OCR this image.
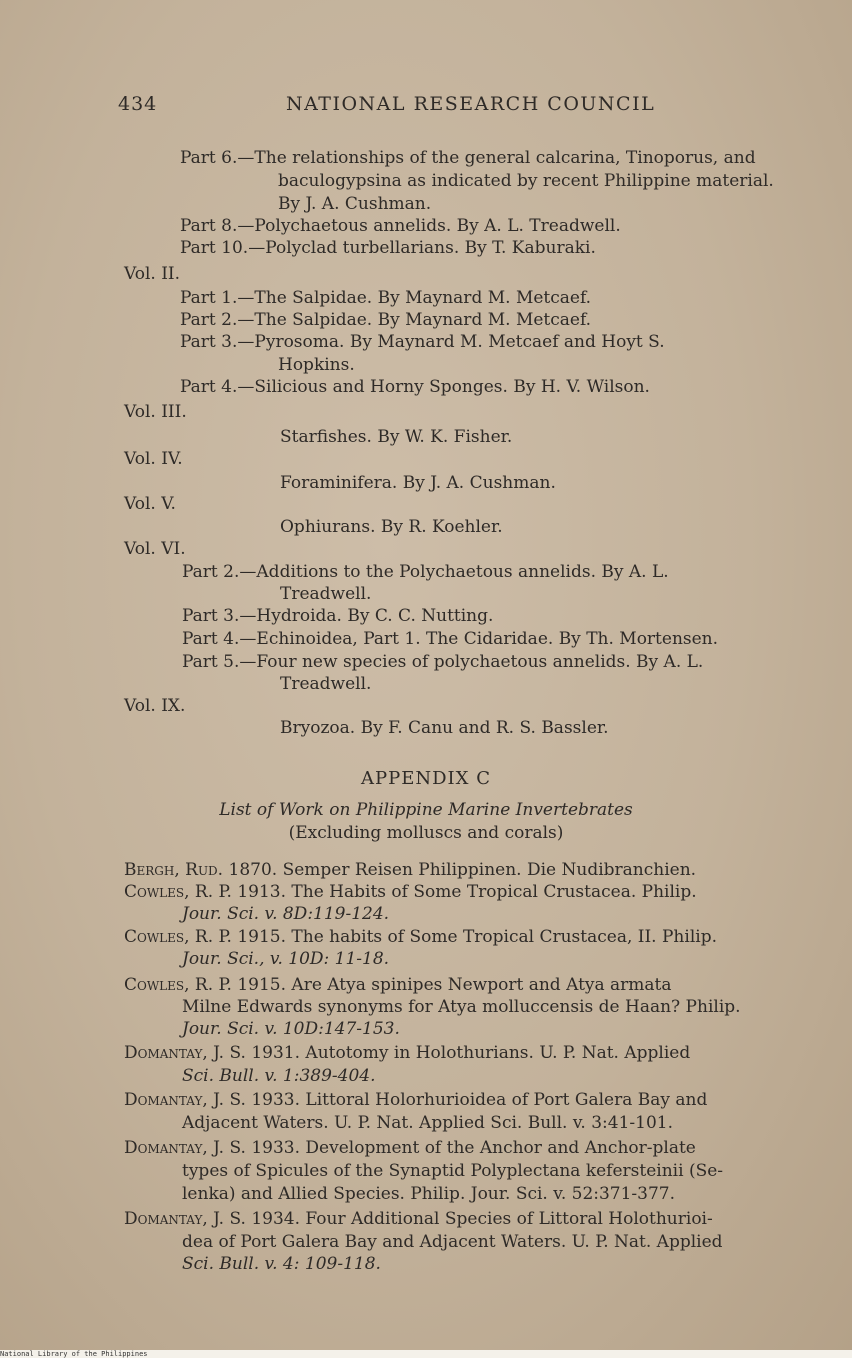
434	NATIONAL RESEARCH COUNCIL
Part 6.—The relationships of the general calcarina, Tinoporus, and
baculogypsina as indicated by recent Philippine material.
By J. A. Cushman.
Part 8.—Polychaetous annelids. By A. L. Treadwell.
Part 10.—Polyclad turbellarians. By T. Kaburaki.
Vol. II.
Part 1.—The Salpidae. By Maynard M. Metcaef.
Part 2.—The Salpidae. By Maynard M. Metcaef.
Part 3.—Pyrosoma. By Maynard M. Metcaef and Hoyt S.
Hopkins.
Part 4.—Silicious and Horny Sponges. By H. V. Wilson.
Vol. III.
Starfishes. By W. K. Fisher.
Vol. IV.
Foraminifera. By J. A. Cushman.
Vol. V.
Ophiurans. By R. Koehler.
Vol. VI.
Part 2.—Additions to the Polychaetous annelids. By A. L.
Treadwell.
Part 3.—Hydroida. By C. C. Nutting.
Part 4.—Echinoidea, Part 1. The Cidaridae. By Th. Mortensen.
Part 5.—Four new species of polychaetous annelids. By A. L.
Treadwell.
Vol. IX.
Bryozoa. By F. Canu and R. S. Bassler.
APPENDIX C
List of Work on Philippine Marine Invertebrates
(Excluding molluscs and corals)
Bergh, Rud. 1870. Semper Reisen Philippinen. Die Nudibranchien.
Cowles, R. P. 1913. The Habits of Some Tropical Crustacea. Philip.
Jour. Sci. v. 8D:119-124.
Cowles, R. P. 1915. The habits of Some Tropical Crustacea, II. Philip.
Jour. Sci., v. 10D: 11-18.
Cowles, R. P. 1915. Are Atya spinipes Newport and Atya armata
Milne Edwards synonyms for Atya molluccensis de Haan? Philip.
Jour. Sci. v. 10D:147-153.
Domantay, J. S. 1931. Autotomy in Holothurians. U. P. Nat. Applied
Sci. Bull. v. 1:389-404.
Domantay, J. S. 1933. Littoral Holorhurioidea of Port Galera Bay and
Adjacent Waters. U. P. Nat. Applied Sci. Bull. v. 3:41-101.
Domantay, J. S. 1933. Development of the Anchor and Anchor-plate
types of Spicules of the Synaptid Polyplectana kefersteinii (Se-
lenka) and Allied Species. Philip. Jour. Sci. v. 52:371-377.
Domantay, J. S. 1934. Four Additional Species of Littoral Holothurioi-
dea of Port Galera Bay and Adjacent Waters. U. P. Nat. Applied
Sci. Bull. v. 4: 109-118.
National Library of the Philippines
